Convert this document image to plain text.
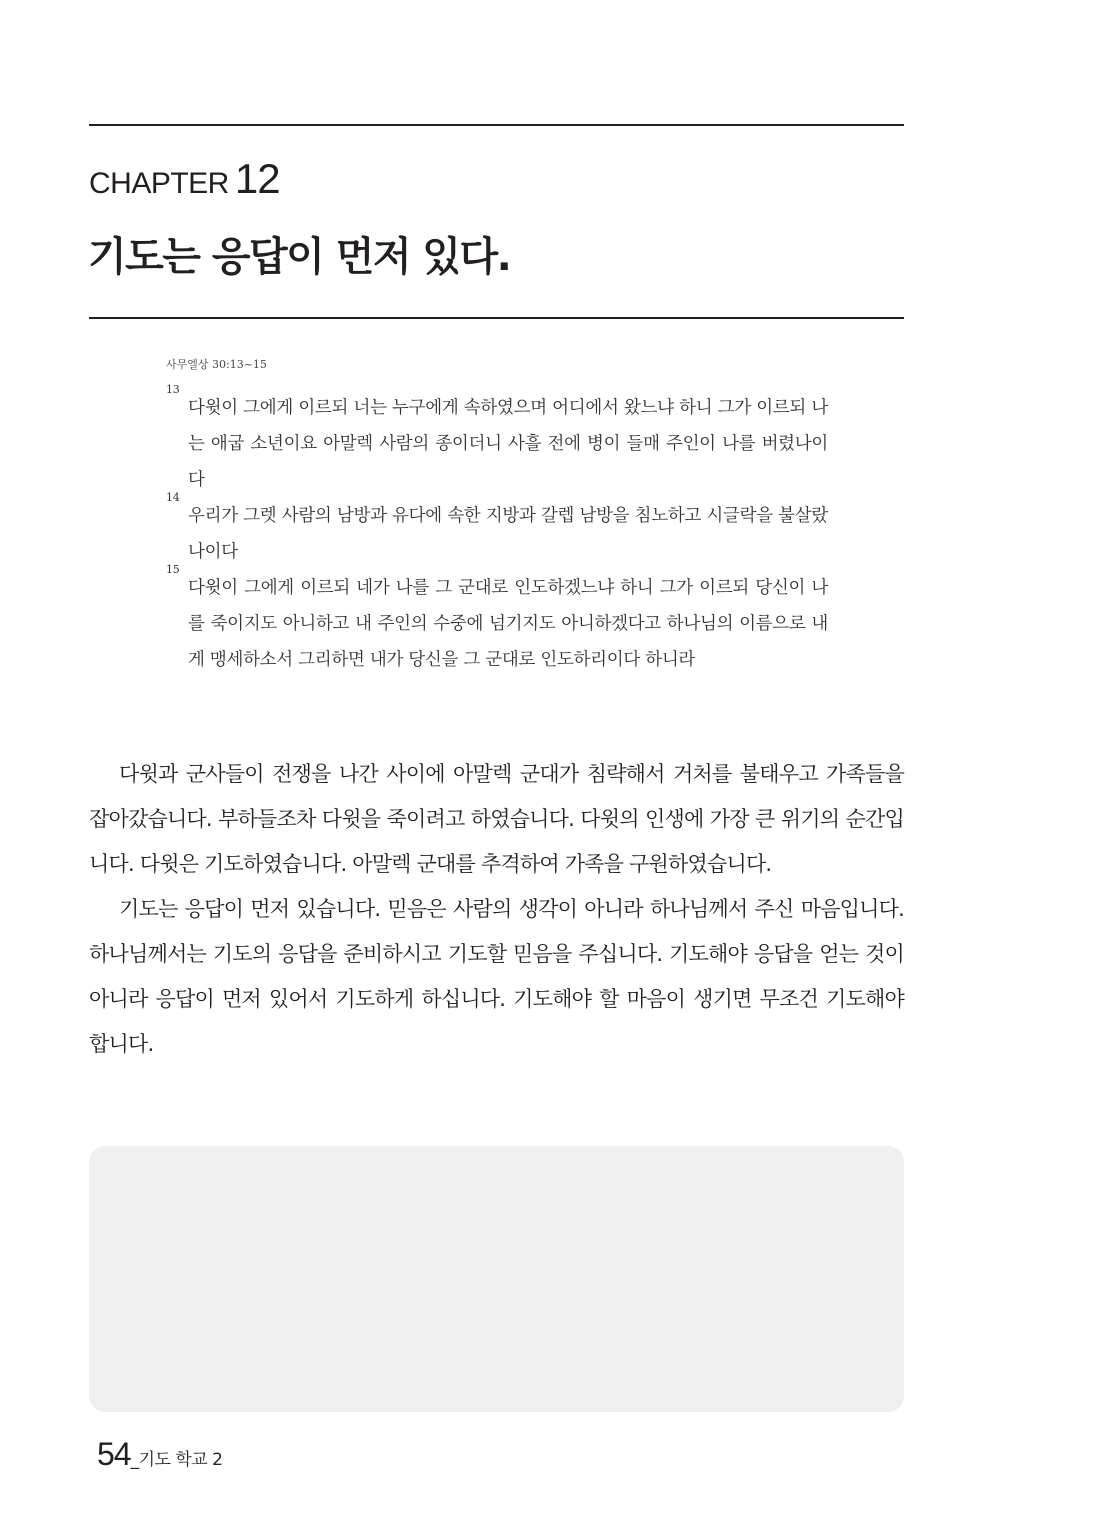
CHAPTER 12
기도는 응답이 먼저 있다.
사무엘상 30:13~15
13
다윗이 그에게 이르되 너는 누구에게 속하였으며 어디에서 왔느냐 하니 그가 이르되 나는 애굽 소년이요 아말렉 사람의 종이더니 사흘 전에 병이 들매 주인이 나를 버렸나이다
14
우리가 그렛 사람의 남방과 유다에 속한 지방과 갈렙 남방을 침노하고 시글락을 불살랐나이다
15
다윗이 그에게 이르되 네가 나를 그 군대로 인도하겠느냐 하니 그가 이르되 당신이 나를 죽이지도 아니하고 내 주인의 수중에 넘기지도 아니하겠다고 하나님의 이름으로 내게 맹세하소서 그리하면 내가 당신을 그 군대로 인도하리이다 하니라

다윗과 군사들이 전쟁을 나간 사이에 아말렉 군대가 침략해서 거처를 불태우고 가족들을 잡아갔습니다. 부하들조차 다윗을 죽이려고 하였습니다. 다윗의 인생에 가장 큰 위기의 순간입니다. 다윗은 기도하였습니다. 아말렉 군대를 추격하여 가족을 구원하였습니다.

기도는 응답이 먼저 있습니다. 믿음은 사람의 생각이 아니라 하나님께서 주신 마음입니다. 하나님께서는 기도의 응답을 준비하시고 기도할 믿음을 주십니다. 기도해야 응답을 얻는 것이 아니라 응답이 먼저 있어서 기도하게 하십니다. 기도해야 할 마음이 생기면 무조건 기도해야 합니다.

54_기도 학교 2
